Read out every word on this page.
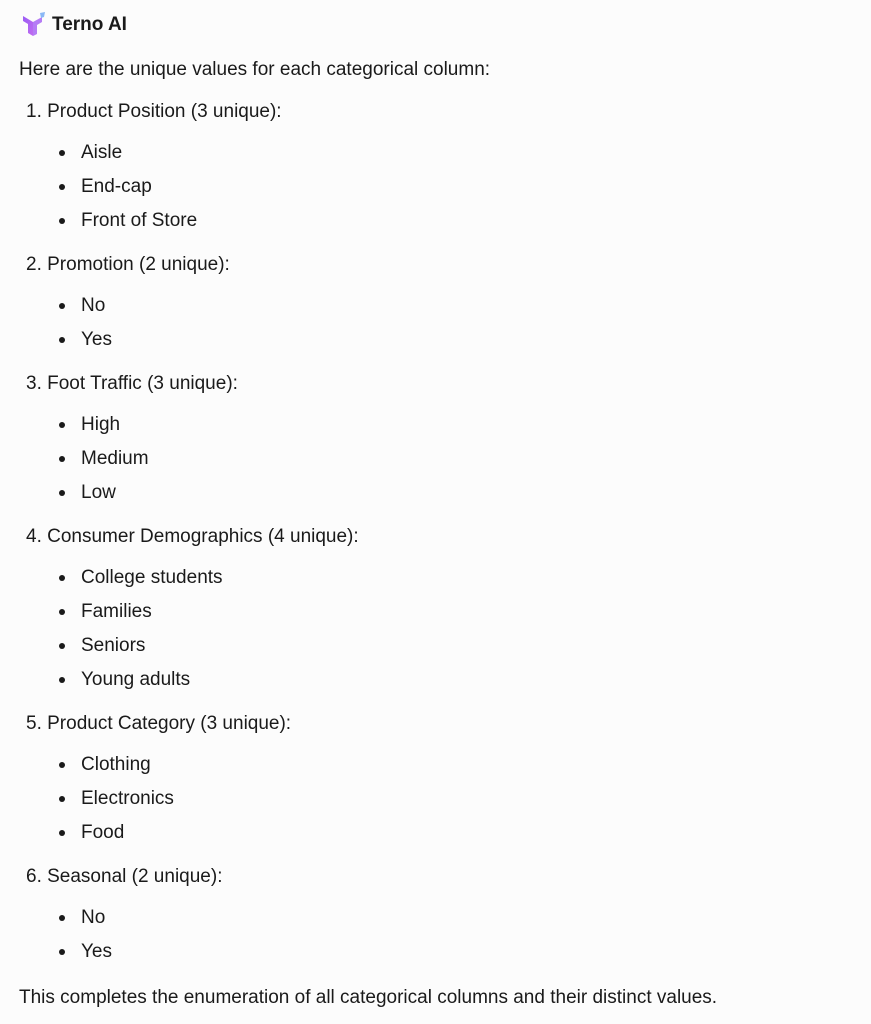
Terno AI
Here are the unique values for each categorical column:
1. Product Position (3 unique):
Aisle
End-cap
Front of Store
2. Promotion (2 unique):
No
Yes
3. Foot Traffic (3 unique):
High
Medium
Low
4. Consumer Demographics (4 unique):
College students
Families
Seniors
Young adults
5. Product Category (3 unique):
Clothing
Electronics
Food
6. Seasonal (2 unique):
No
Yes
This completes the enumeration of all categorical columns and their distinct values.
